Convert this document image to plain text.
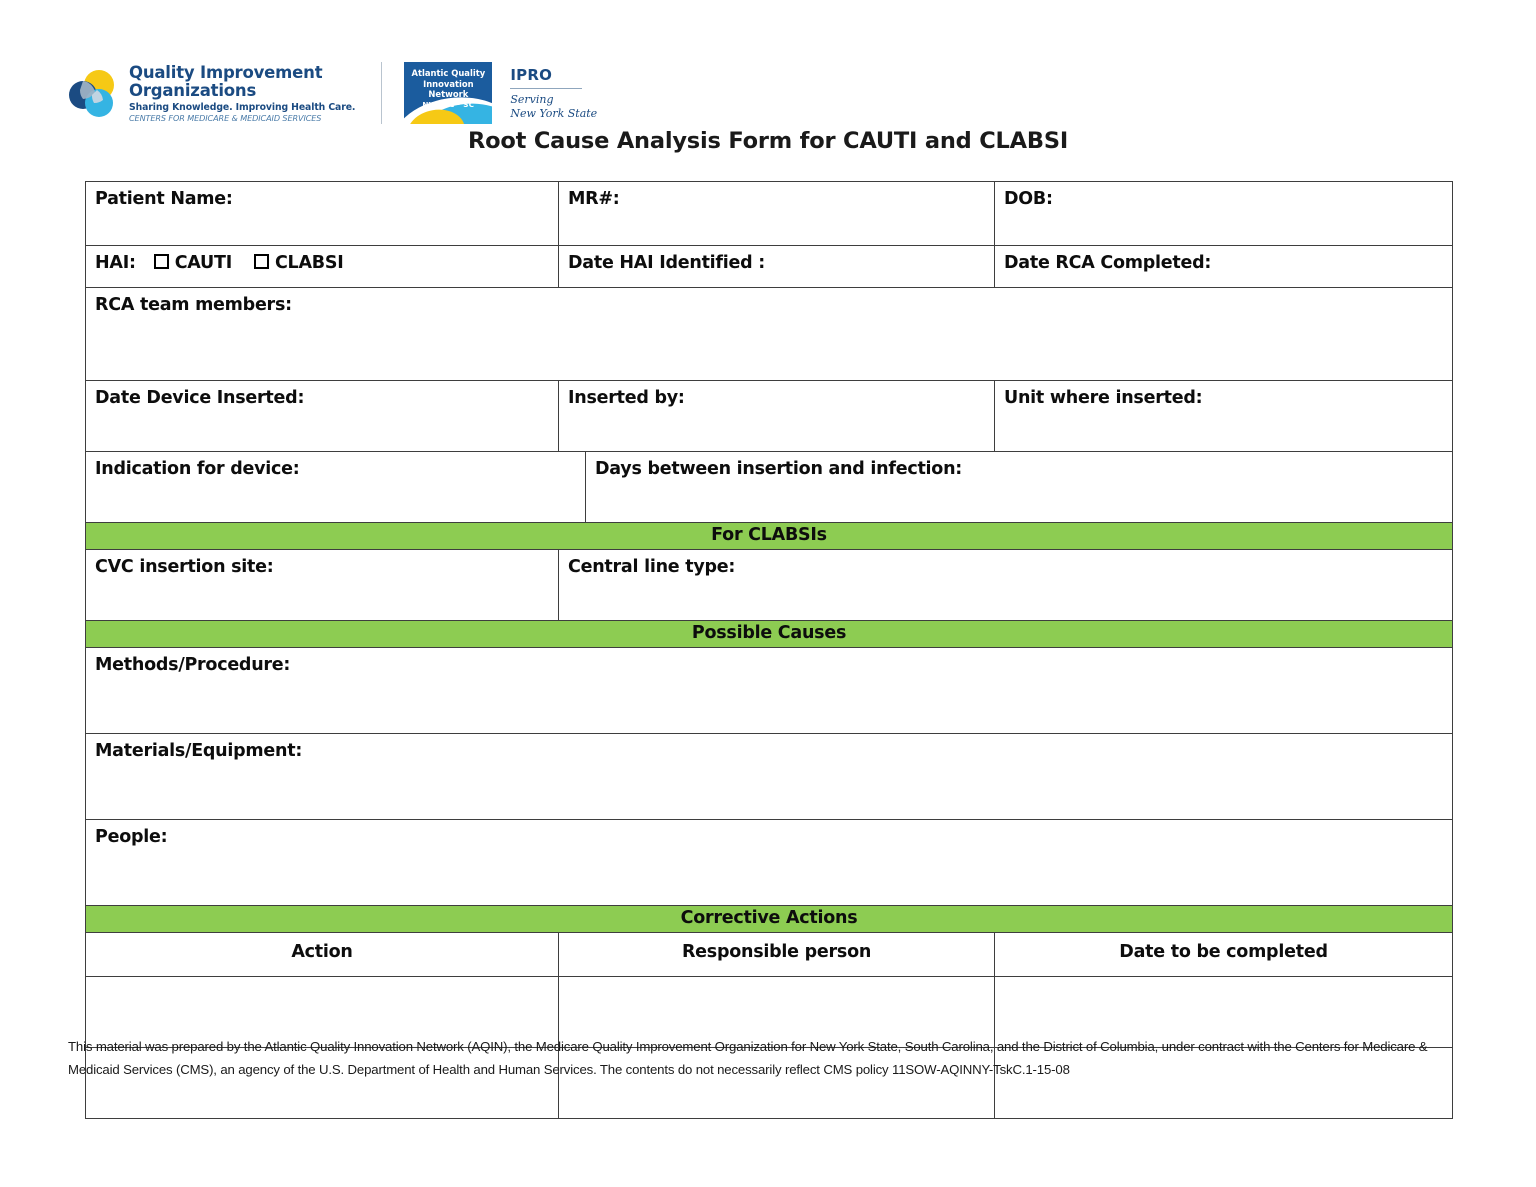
Quality Improvement
Organizations
Sharing Knowledge. Improving Health Care.
CENTERS FOR MEDICARE & MEDICAID SERVICES
Atlantic Quality
Innovation Network
NY · DC · SC
IPRO
Serving
New York State
Root Cause Analysis Form for CAUTI and CLABSI
Patient Name:	MR#:		DOB:
HAI: CAUTI CLABSI	Date HAI Identified :		Date RCA Completed:
RCA team members:			
Date Device Inserted:	Inserted by:		Unit where inserted:
Indication for device:		Days between insertion and infection:	
For CLABSIs			
CVC insertion site:	Central line type:		
Possible Causes			
Methods/Procedure:			
Materials/Equipment:			
People:			
Corrective Actions			
Action	Responsible person		Date to be completed

This material was prepared by the Atlantic Quality Innovation Network (AQIN), the Medicare Quality Improvement Organization for New York State, South Carolina, and the District of Columbia, under contract with the Centers for Medicare & Medicaid Services (CMS), an agency of the U.S. Department of Health and Human Services. The contents do not necessarily reflect CMS policy 11SOW-AQINNY-TskC.1-15-08
